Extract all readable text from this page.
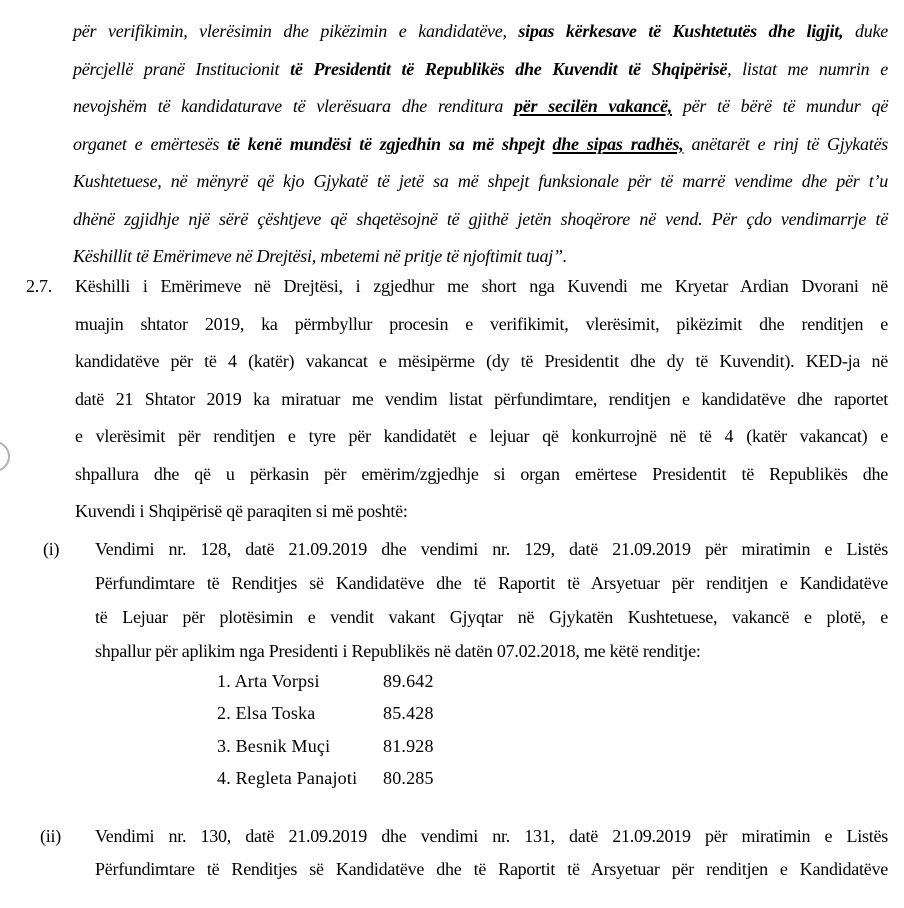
për verifikimin, vlerësimin dhe pikëzimin e kandidatëve, sipas kërkesave të Kushtetutës dhe ligjit, duke
përcjellë pranë Institucionit të Presidentit të Republikës dhe Kuvendit të Shqipërisë, listat me numrin e
nevojshëm të kandidaturave të vlerësuara dhe renditura për secilën vakancë, për të bërë të mundur që
organet e emërtesës të kenë mundësi të zgjedhin sa më shpejt dhe sipas radhës, anëtarët e rinj të Gjykatës
Kushtetuese, në mënyrë që kjo Gjykatë të jetë sa më shpejt funksionale për të marrë vendime dhe për t’u
dhënë zgjidhje një sërë çështjeve që shqetësojnë të gjithë jetën shoqërore në vend. Për çdo vendimarrje të
Këshillit të Emërimeve në Drejtësi, mbetemi në pritje të njoftimit tuaj”.
2.7. Këshilli i Emërimeve në Drejtësi, i zgjedhur me short nga Kuvendi me Kryetar Ardian Dvorani në
muajin shtator 2019, ka përmbyllur procesin e verifikimit, vlerësimit, pikëzimit dhe renditjen e
kandidatëve për të 4 (katër) vakancat e mësipërme (dy të Presidentit dhe dy të Kuvendit). KED-ja në
datë 21 Shtator 2019 ka miratuar me vendim listat përfundimtare, renditjen e kandidatëve dhe raportet
e vlerësimit për renditjen e tyre për kandidatët e lejuar që konkurrojnë në të 4 (katër vakancat) e
shpallura dhe që u përkasin për emërim/zgjedhje si organ emërtese Presidentit të Republikës dhe
Kuvendi i Shqipërisë që paraqiten si më poshtë:
(i) Vendimi nr. 128, datë 21.09.2019 dhe vendimi nr. 129, datë 21.09.2019 për miratimin e Listës
Përfundimtare të Renditjes së Kandidatëve dhe të Raportit të Arsyetuar për renditjen e Kandidatëve
të Lejuar për plotësimin e vendit vakant Gjyqtar në Gjykatën Kushtetuese, vakancë e plotë, e
shpallur për aplikim nga Presidenti i Republikës në datën 07.02.2018, me këtë renditje:
1. Arta Vorpsi	89.642
2. Elsa Toska	85.428
3. Besnik Muçi	81.928
4. Regleta Panajoti	80.285
(ii) Vendimi nr. 130, datë 21.09.2019 dhe vendimi nr. 131, datë 21.09.2019 për miratimin e Listës
Përfundimtare të Renditjes së Kandidatëve dhe të Raportit të Arsyetuar për renditjen e Kandidatëve
